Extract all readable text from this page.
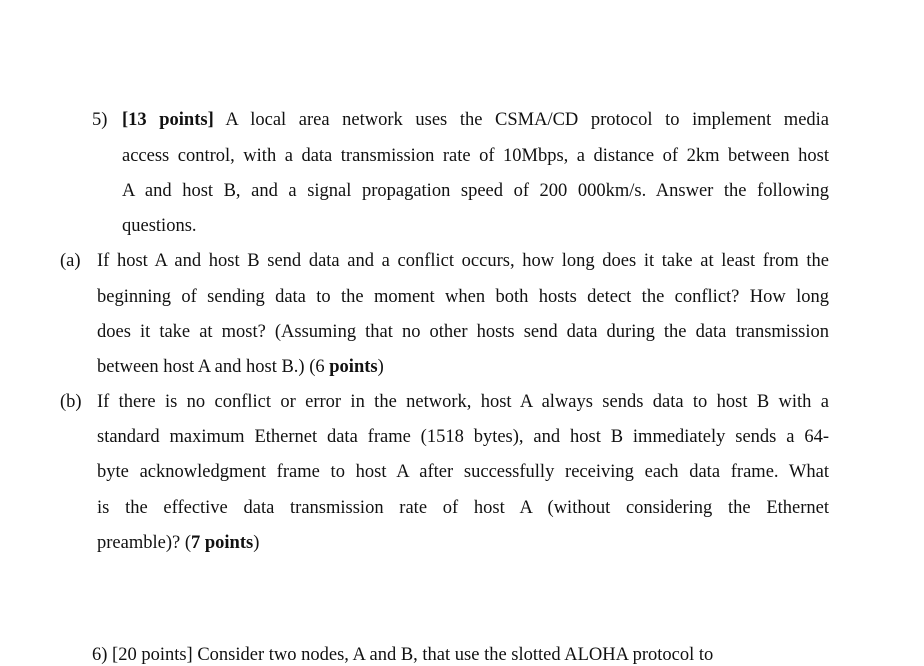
5) [13 points] A local area network uses the CSMA/CD protocol to implement media
access control, with a data transmission rate of 10Mbps, a distance of 2km between host
A and host B, and a signal propagation speed of 200 000km/s. Answer the following
questions.
(a) If host A and host B send data and a conflict occurs, how long does it take at least from the
beginning of sending data to the moment when both hosts detect the conflict? How long
does it take at most? (Assuming that no other hosts send data during the data transmission
between host A and host B.) (6 points)
(b) If there is no conflict or error in the network, host A always sends data to host B with a
standard maximum Ethernet data frame (1518 bytes), and host B immediately sends a 64-
byte acknowledgment frame to host A after successfully receiving each data frame. What
is the effective data transmission rate of host A (without considering the Ethernet
preamble)? (7 points)
6) [20 points] Consider two nodes, A and B, that use the slotted ALOHA protocol to
